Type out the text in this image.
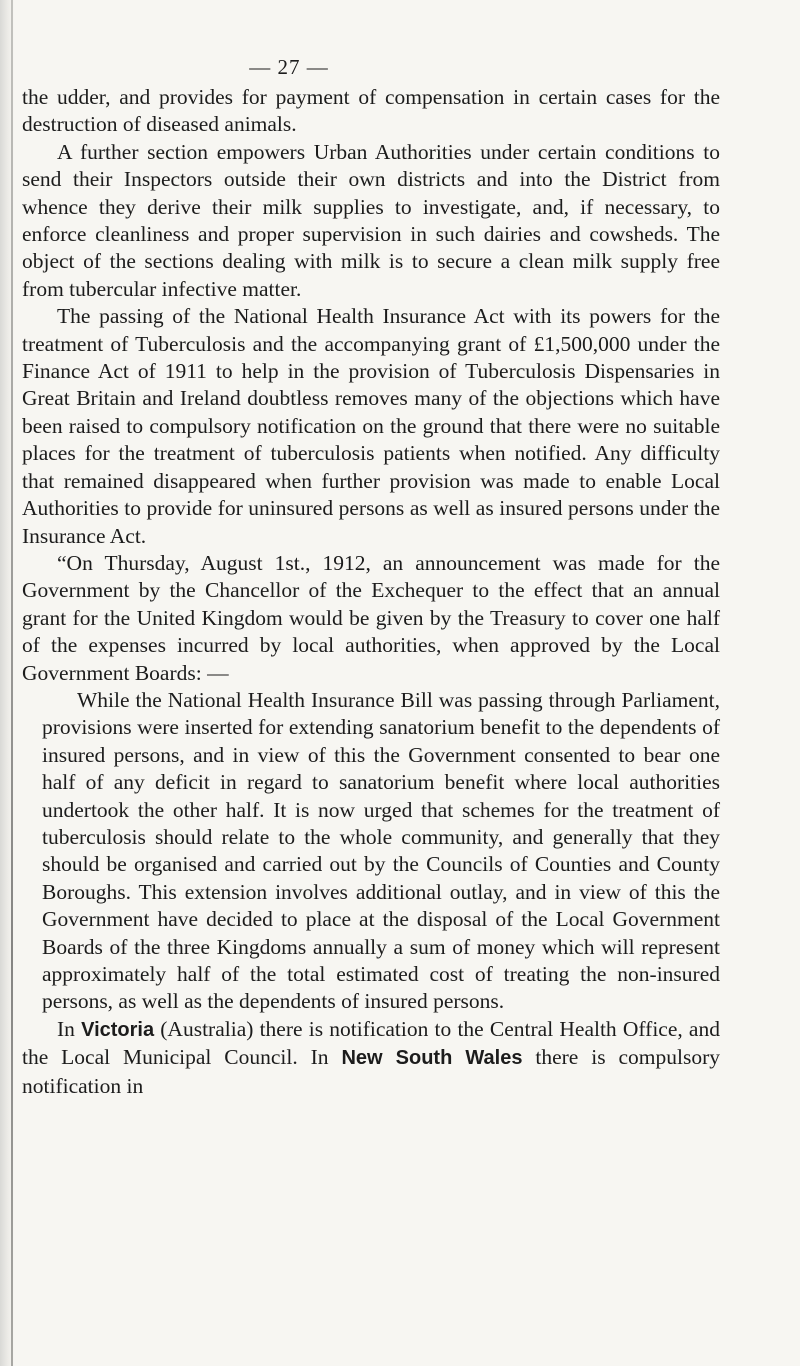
— 27 —

the udder, and provides for payment of compensation in certain cases for the destruction of diseased animals.

A further section empowers Urban Authorities under certain conditions to send their Inspectors outside their own districts and into the District from whence they derive their milk supplies to investigate, and, if necessary, to enforce cleanliness and proper supervision in such dairies and cowsheds. The object of the sections dealing with milk is to secure a clean milk supply free from tubercular infective matter.

The passing of the National Health Insurance Act with its powers for the treatment of Tuberculosis and the accompanying grant of £1,500,000 under the Finance Act of 1911 to help in the provision of Tuberculosis Dispensaries in Great Britain and Ireland doubtless removes many of the objections which have been raised to compulsory notification on the ground that there were no suitable places for the treatment of tuberculosis patients when notified. Any difficulty that remained disappeared when further provision was made to enable Local Authorities to provide for uninsured persons as well as insured persons under the Insurance Act.

“On Thursday, August 1st., 1912, an announcement was made for the Government by the Chancellor of the Exchequer to the effect that an annual grant for the United Kingdom would be given by the Treasury to cover one half of the expenses incurred by local authorities, when approved by the Local Government Boards: —

While the National Health Insurance Bill was passing through Parliament, provisions were inserted for extending sanatorium benefit to the dependents of insured persons, and in view of this the Government consented to bear one half of any deficit in regard to sanatorium benefit where local authorities undertook the other half. It is now urged that schemes for the treatment of tuberculosis should relate to the whole community, and generally that they should be organised and carried out by the Councils of Counties and County Boroughs. This extension involves additional outlay, and in view of this the Government have decided to place at the disposal of the Local Government Boards of the three Kingdoms annually a sum of money which will represent approximately half of the total estimated cost of treating the non-insured persons, as well as the dependents of insured persons.

In Victoria (Australia) there is notification to the Central Health Office, and the Local Municipal Council. In New South Wales there is compulsory notification in
